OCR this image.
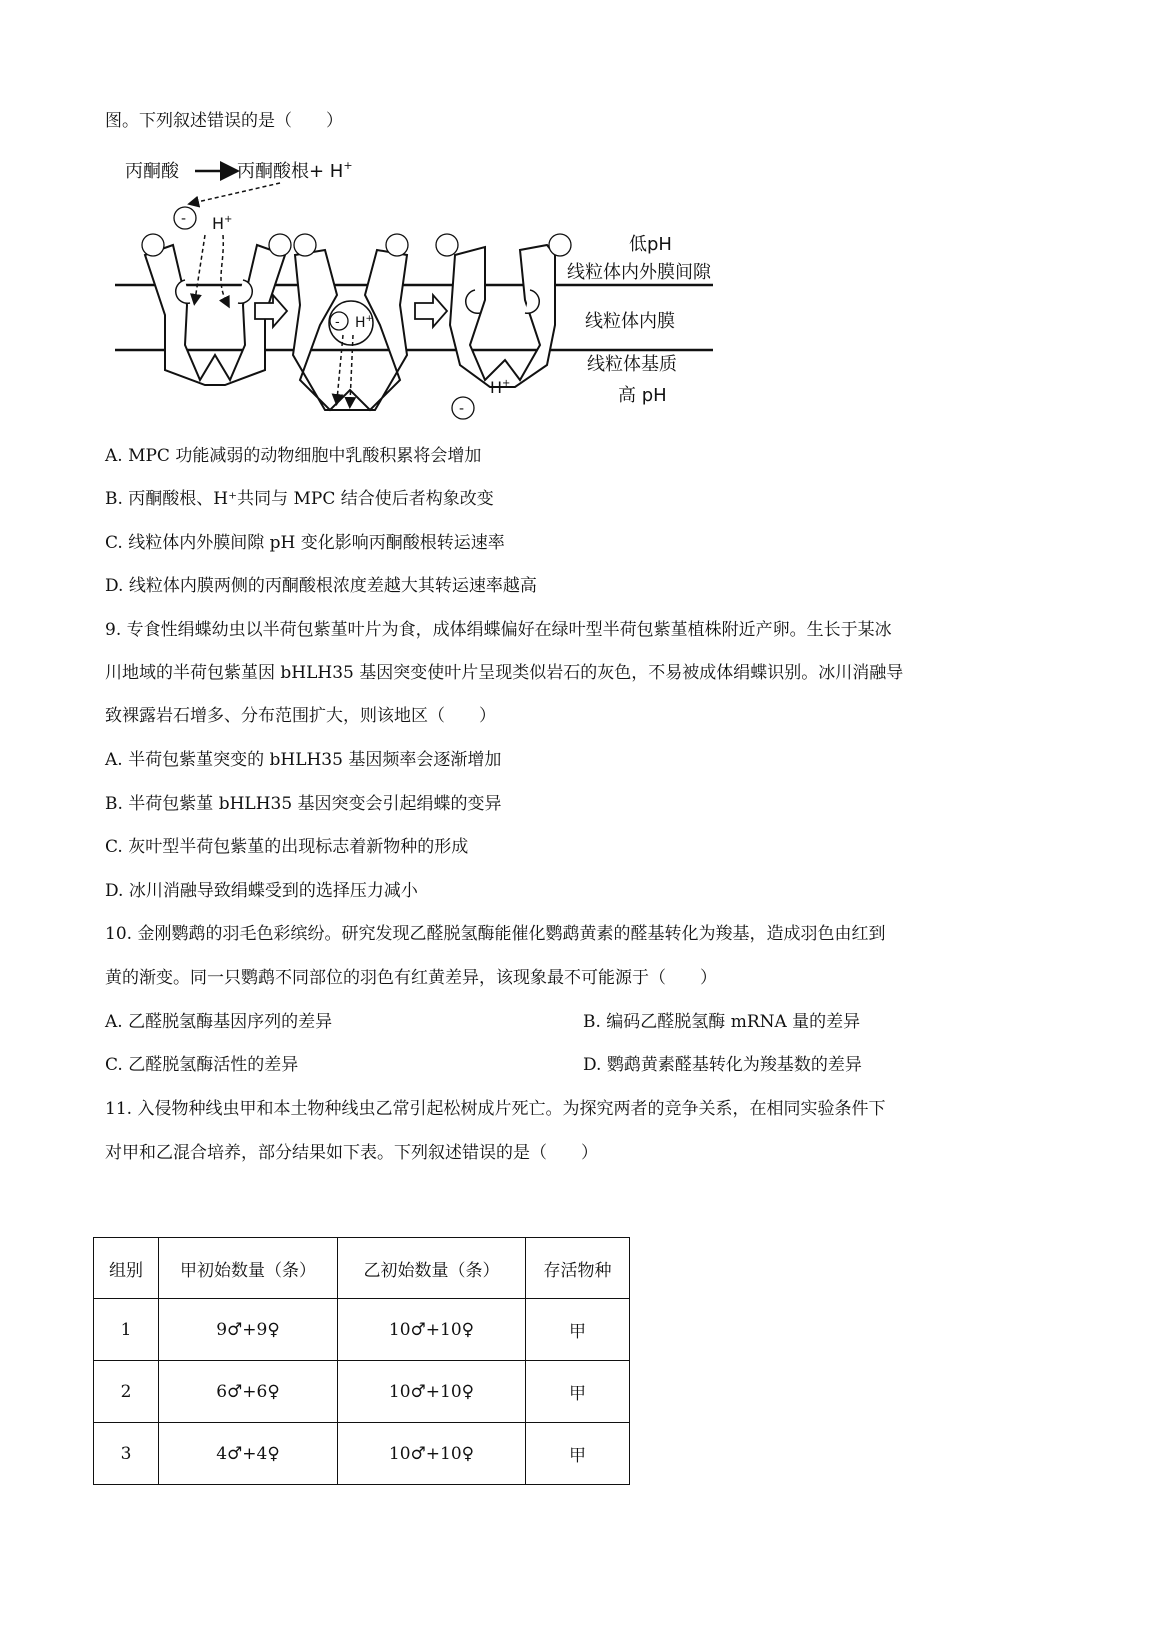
图。下列叙述错误的是（　　）
丙酮酸	丙酮酸根+ H+
- H+
- H+
H+
-
低pH
线粒体内外膜间隙
线粒体内膜
线粒体基质
高 pH
A. MPC 功能减弱的动物细胞中乳酸积累将会增加
B. 丙酮酸根、H⁺共同与 MPC 结合使后者构象改变
C. 线粒体内外膜间隙 pH 变化影响丙酮酸根转运速率
D. 线粒体内膜两侧的丙酮酸根浓度差越大其转运速率越高
9. 专食性绢蝶幼虫以半荷包紫堇叶片为食，成体绢蝶偏好在绿叶型半荷包紫堇植株附近产卵。生长于某冰
川地域的半荷包紫堇因 bHLH35 基因突变使叶片呈现类似岩石的灰色，不易被成体绢蝶识别。冰川消融导
致裸露岩石增多、分布范围扩大，则该地区（　　）
A. 半荷包紫堇突变的 bHLH35 基因频率会逐渐增加
B. 半荷包紫堇 bHLH35 基因突变会引起绢蝶的变异
C. 灰叶型半荷包紫堇的出现标志着新物种的形成
D. 冰川消融导致绢蝶受到的选择压力减小
10. 金刚鹦鹉的羽毛色彩缤纷。研究发现乙醛脱氢酶能催化鹦鹉黄素的醛基转化为羧基，造成羽色由红到
黄的渐变。同一只鹦鹉不同部位的羽色有红黄差异，该现象最不可能源于（　　）
A. 乙醛脱氢酶基因序列的差异	B. 编码乙醛脱氢酶 mRNA 量的差异
C. 乙醛脱氢酶活性的差异	D. 鹦鹉黄素醛基转化为羧基数的差异
11. 入侵物种线虫甲和本土物种线虫乙常引起松树成片死亡。为探究两者的竞争关系，在相同实验条件下
对甲和乙混合培养，部分结果如下表。下列叙述错误的是（　　）
组别	甲初始数量（条）	乙初始数量（条）	存活物种
1	9♂+9♀	10♂+10♀	甲
2	6♂+6♀	10♂+10♀	甲
3	4♂+4♀	10♂+10♀	甲
